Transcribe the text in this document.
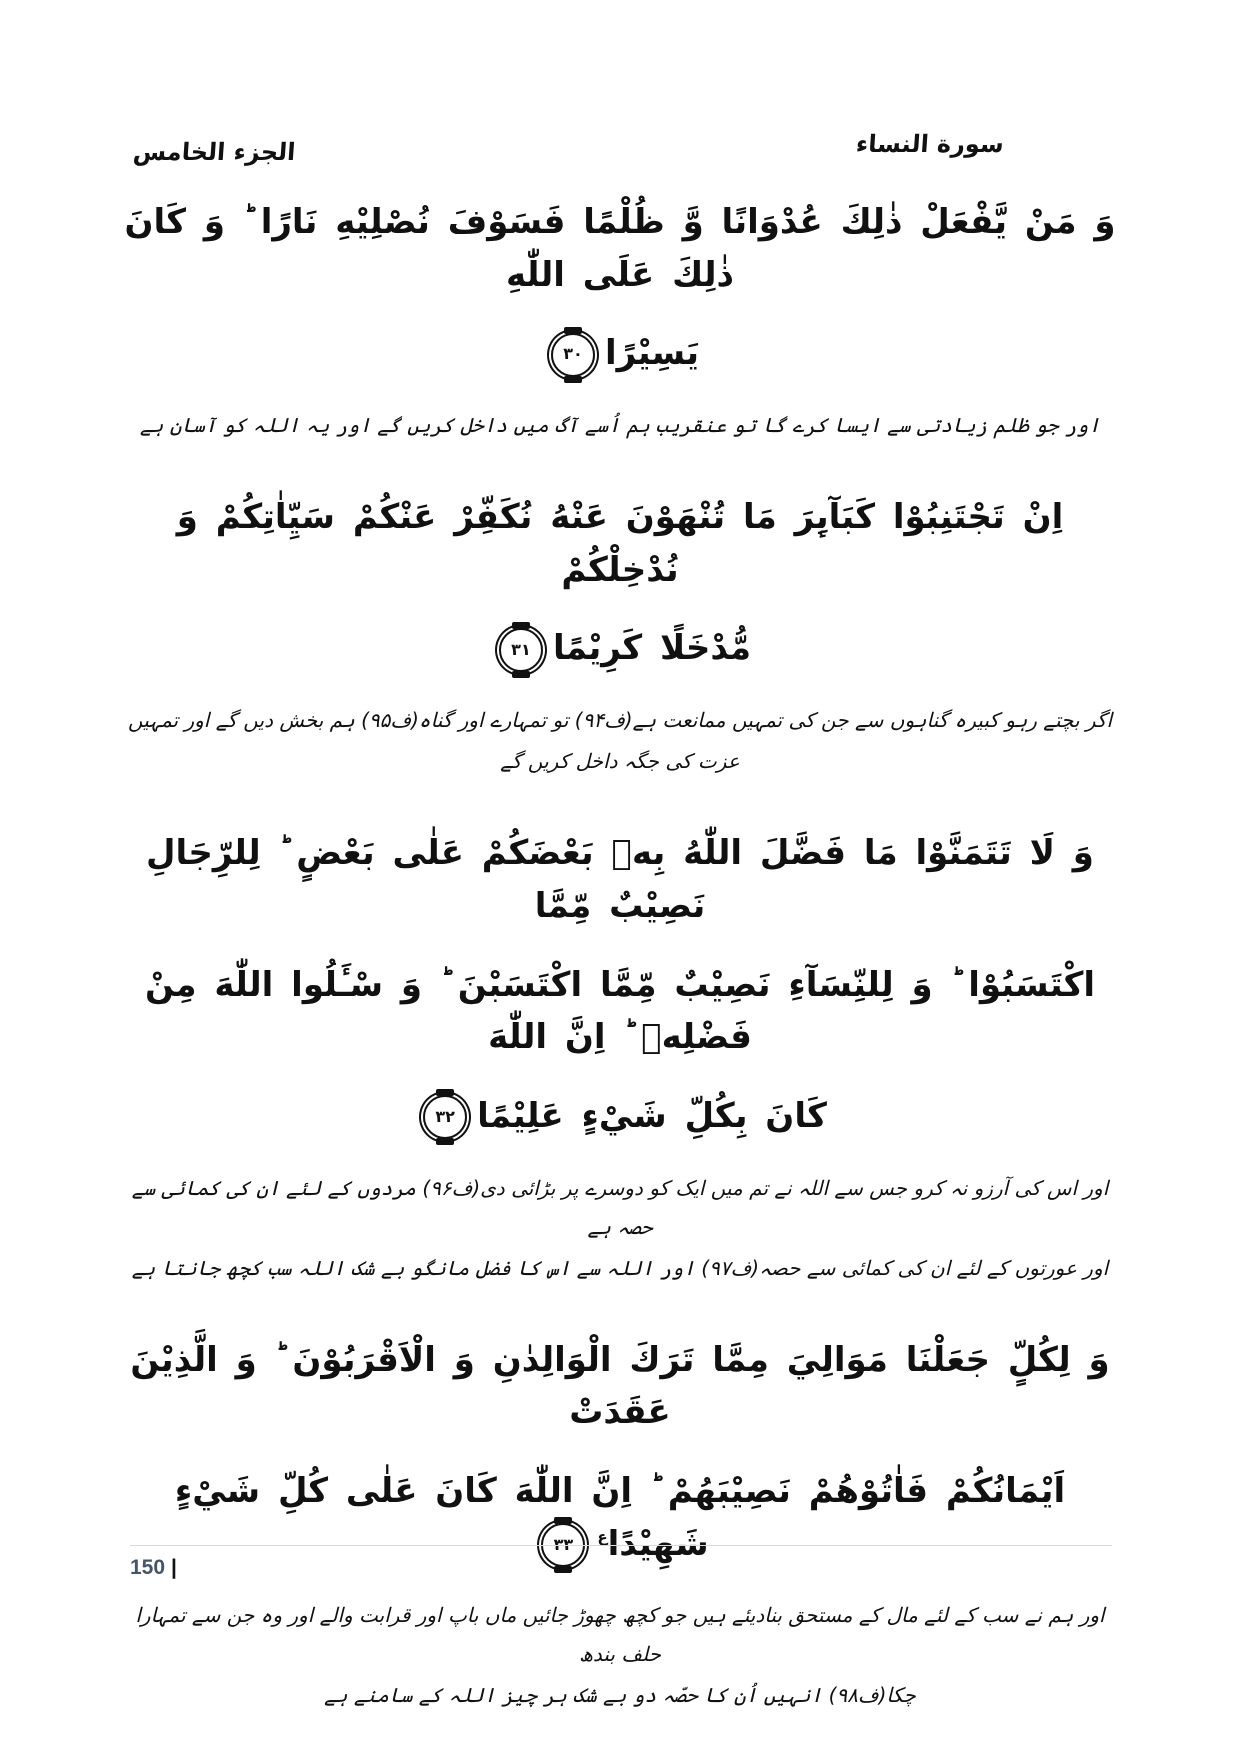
الجزء الخامس	سورة النساء
وَ مَنْ يَّفْعَلْ ذٰلِكَ عُدْوَانًا وَّ ظُلْمًا فَسَوْفَ نُصْلِيْهِ نَارًا ؕ وَ كَانَ ذٰلِكَ عَلَى اللّٰهِ
يَسِيْرًا
٣٠
اور جو ظلم زیادتی سے ایسا کرے گا تو عنقریب ہم اُسے آگ میں داخل کریں گے اور یہ اللہ کو آسان ہے
اِنْ تَجْتَنِبُوْا كَبَآىِٕرَ مَا تُنْهَوْنَ عَنْهُ نُكَفِّرْ عَنْكُمْ سَيِّاٰتِكُمْ وَ نُدْخِلْكُمْ
مُّدْخَلًا كَرِيْمًا
٣١
اگر بچتے رہو کبیرہ گناہوں سے جن کی تمہیں ممانعت ہے(ف۹۴) تو تمہارے اور گناہ(ف۹۵) ہم بخش دیں گے اور تمہیں
عزت کی جگہ داخل کریں گے
وَ لَا تَتَمَنَّوْا مَا فَضَّلَ اللّٰهُ بِهٖ بَعْضَكُمْ عَلٰى بَعْضٍ ؕ لِلرِّجَالِ نَصِيْبٌ مِّمَّا
اكْتَسَبُوْا ؕ وَ لِلنِّسَآءِ نَصِيْبٌ مِّمَّا اكْتَسَبْنَ ؕ وَ سْـَٔلُوا اللّٰهَ مِنْ فَضْلِهٖ ؕ اِنَّ اللّٰهَ
كَانَ بِكُلِّ شَيْءٍ عَلِيْمًا
٣٢
اور اس کی آرزو نہ کرو جس سے اللہ نے تم میں ایک کو دوسرے پر بڑائی دی(ف۹۶) مردوں کے لئے ان کی کمائی سے حصہ ہے
اور عورتوں کے لئے ان کی کمائی سے حصہ(ف۹۷) اور اللہ سے اس کا فضل مانگو بے شک اللہ سب کچھ جانتا ہے
وَ لِكُلٍّ جَعَلْنَا مَوَالِيَ مِمَّا تَرَكَ الْوَالِدٰنِ وَ الْاَقْرَبُوْنَ ؕ وَ الَّذِيْنَ عَقَدَتْ
اَيْمَانُكُمْ فَاٰتُوْهُمْ نَصِيْبَهُمْ ؕ اِنَّ اللّٰهَ كَانَ عَلٰى كُلِّ شَيْءٍ شَهِيْدًا$^ع$
٣٣
اور ہم نے سب کے لئے مال کے مستحق بنادیئے ہیں جو کچھ چھوڑ جائیں ماں باپ اور قرابت والے اور وہ جن سے تمہارا حلف بندھ
چکا(ف۹۸) انہیں اُن کا حصّہ دو بے شک ہر چیز اللہ کے سامنے ہے
150 |
